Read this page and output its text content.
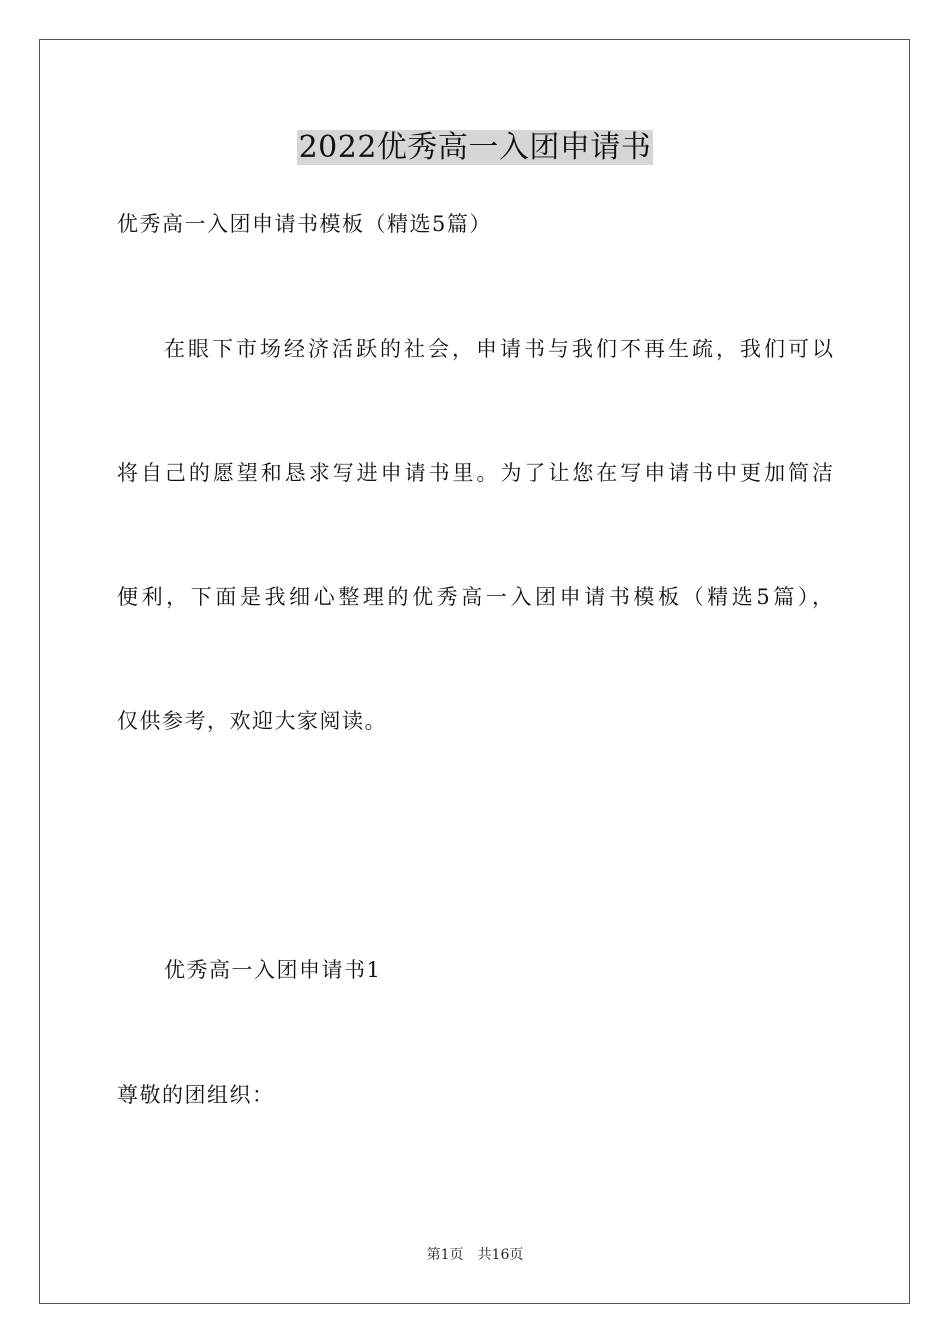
2022优秀高一入团申请书
优秀高一入团申请书模板（精选5篇）
在眼下市场经济活跃的社会，申请书与我们不再生疏，我们可以
将自己的愿望和恳求写进申请书里。为了让您在写申请书中更加简洁
便利，下面是我细心整理的优秀高一入团申请书模板（精选5篇），
仅供参考，欢迎大家阅读。
优秀高一入团申请书1
尊敬的团组织：
第1页 共16页
